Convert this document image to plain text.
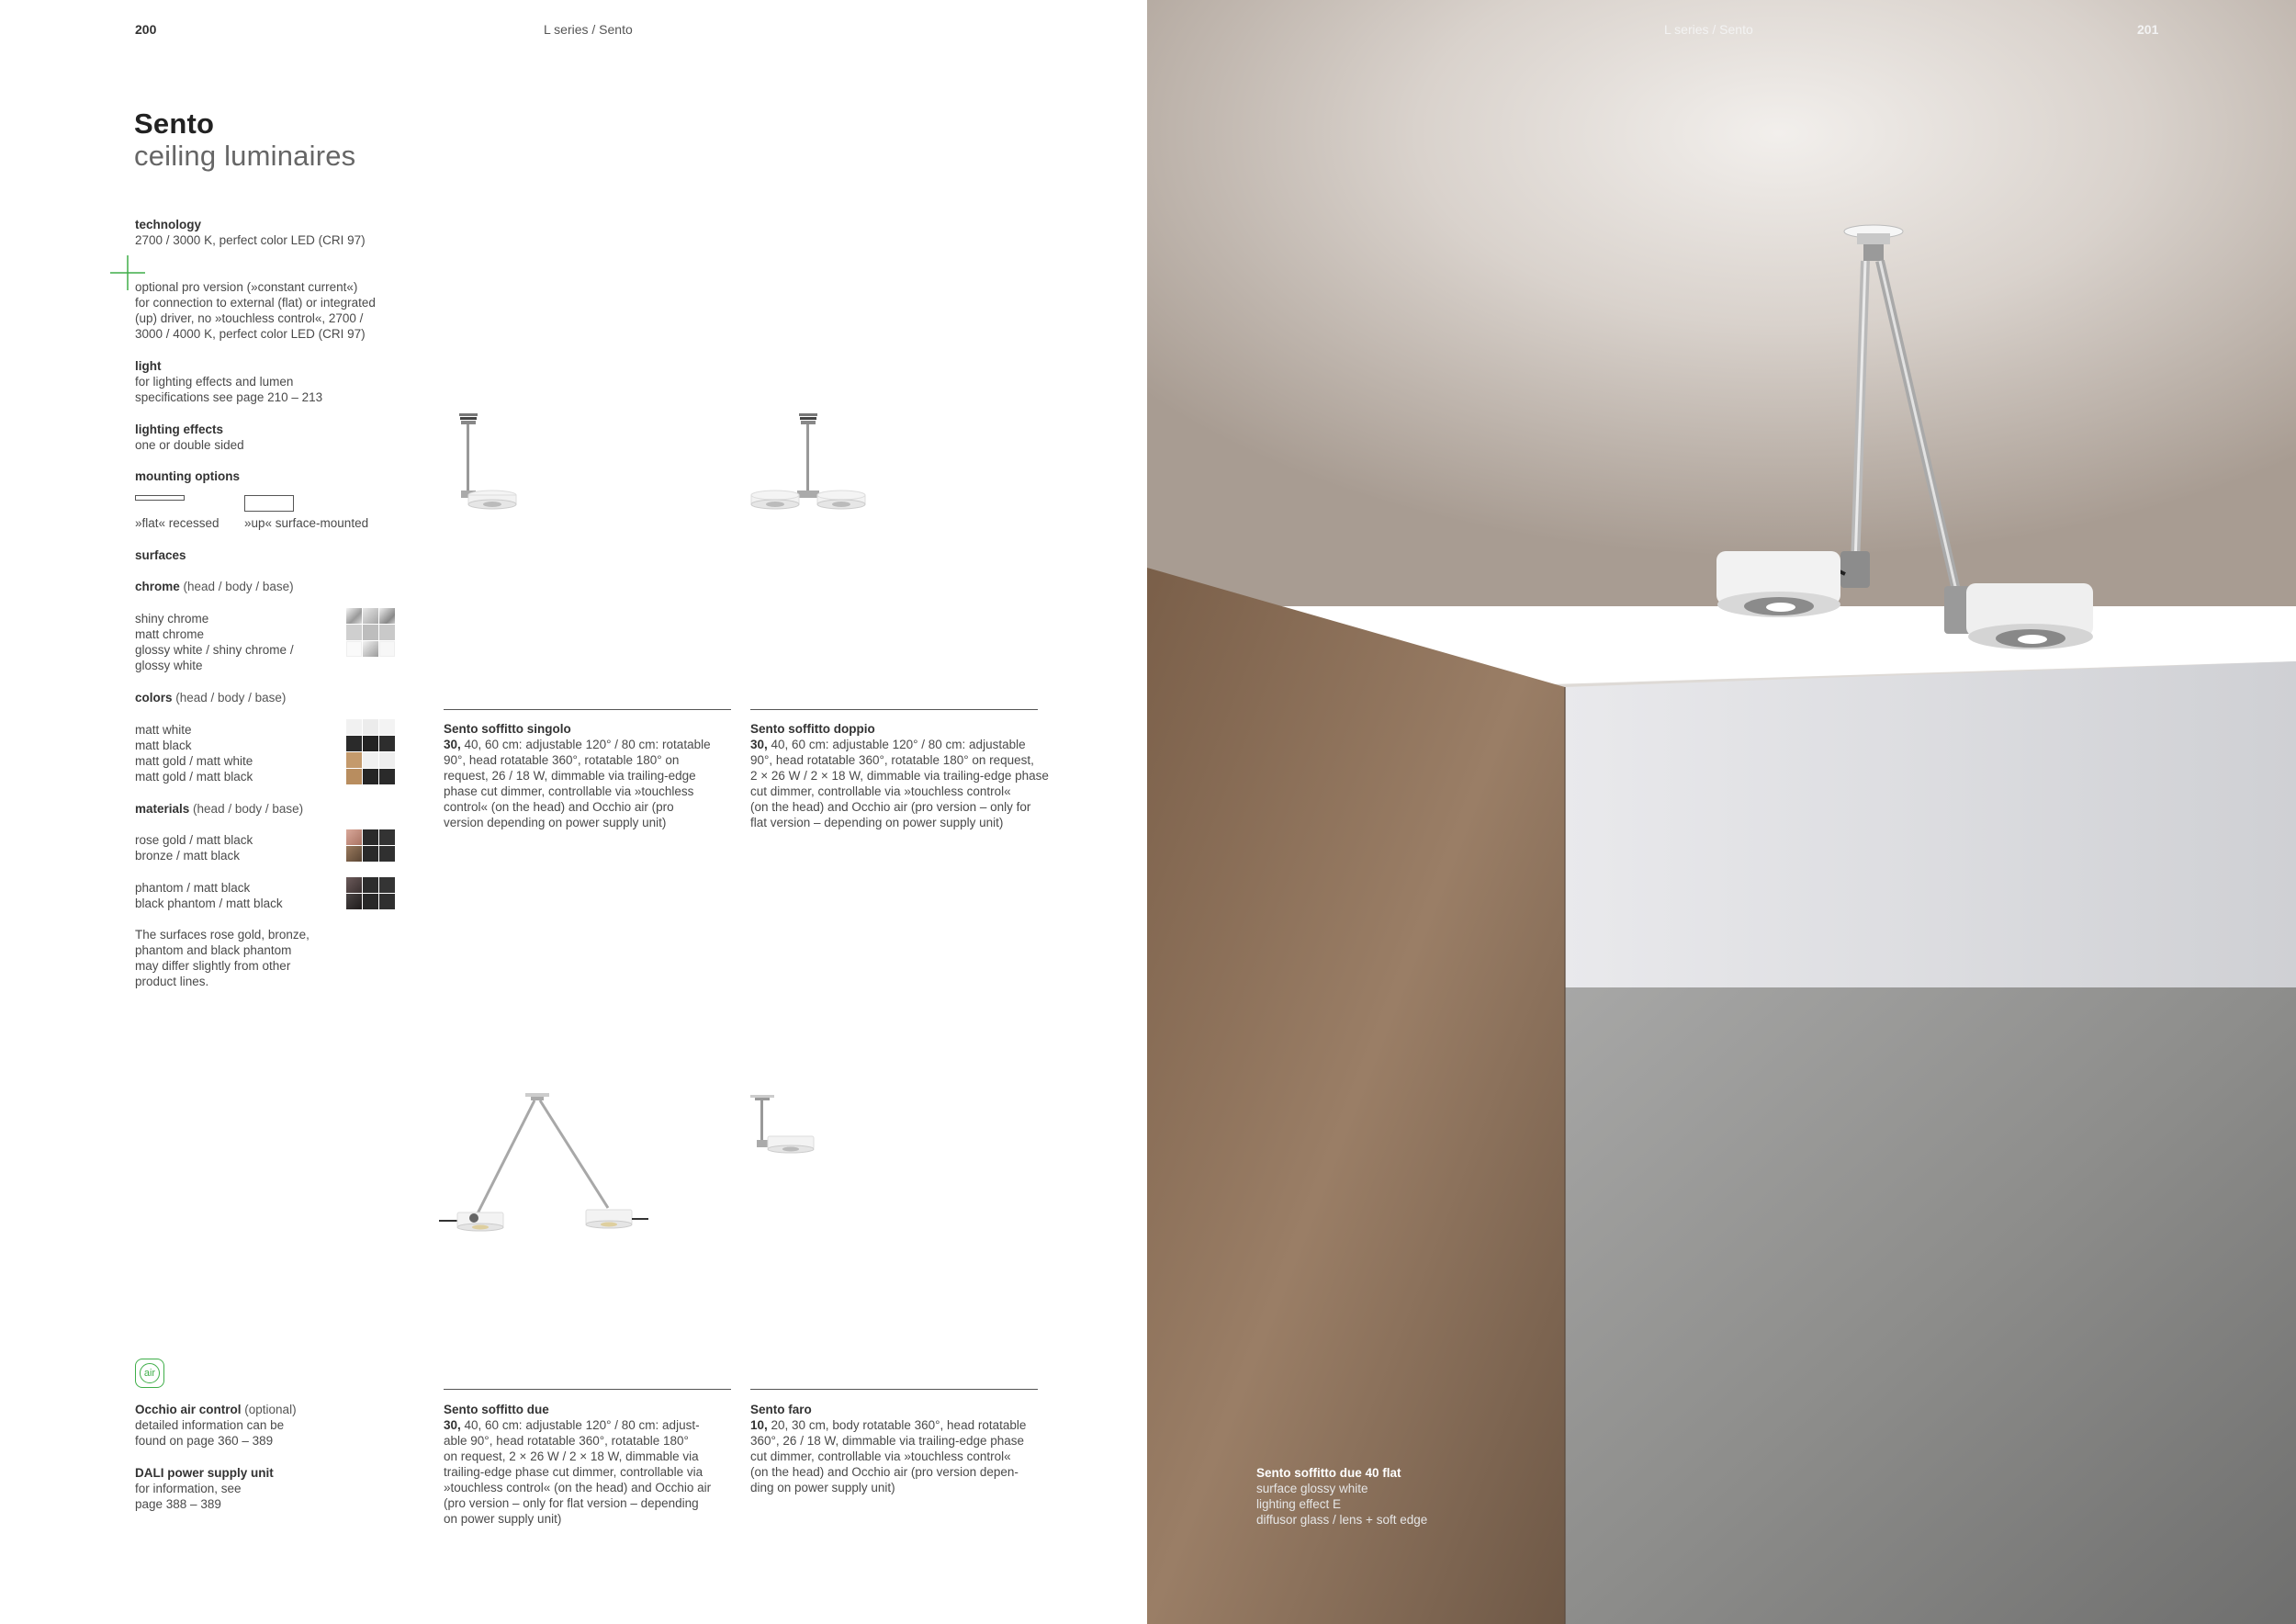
200	L series / Sento
Sento
ceiling luminaires
technology
2700 / 3000 K, perfect color LED (CRI 97)
optional pro version (»constant current«)
for connection to external (flat) or integrated
(up) driver, no »touchless control«, 2700 /
3000 / 4000 K, perfect color LED (CRI 97)
light
for lighting effects and lumen
specifications see page 210 – 213
lighting effects
one or double sided
mounting options
»flat« recessed »up« surface-mounted
surfaces
chrome (head / body / base)
shiny chrome
matt chrome
glossy white / shiny chrome /
glossy white
colors (head / body / base)
matt white
matt black
matt gold / matt white
matt gold / matt black
materials (head / body / base)
rose gold / matt black
bronze / matt black
phantom / matt black
black phantom / matt black
The surfaces rose gold, bronze,
phantom and black phantom
may differ slightly from other
product lines.
air
Occhio air control (optional)
detailed information can be
found on page 360 – 389
DALI power supply unit
for information, see
page 388 – 389
Sento soffitto singolo
30, 40, 60 cm: adjustable 120° / 80 cm: rotatable
90°, head rotatable 360°, rotatable 180° on
request, 26 / 18 W, dimmable via trailing-edge
phase cut dimmer, controllable via »touchless
control« (on the head) and Occhio air (pro
version depending on power supply unit)
Sento soffitto doppio
30, 40, 60 cm: adjustable 120° / 80 cm: adjustable
90°, head rotatable 360°, rotatable 180° on request,
2 × 26 W / 2 × 18 W, dimmable via trailing-edge phase
cut dimmer, controllable via »touchless control«
(on the head) and Occhio air (pro version – only for
flat version – depending on power supply unit)
Sento soffitto due
30, 40, 60 cm: adjustable 120° / 80 cm: adjust-
able 90°, head rotatable 360°, rotatable 180°
on request, 2 × 26 W / 2 × 18 W, dimmable via
trailing-edge phase cut dimmer, controllable via
»touchless control« (on the head) and Occhio air
(pro version – only for flat version – depending
on power supply unit)
Sento faro
10, 20, 30 cm, body rotatable 360°, head rotatable
360°, 26 / 18 W, dimmable via trailing-edge phase
cut dimmer, controllable via »touchless control«
(on the head) and Occhio air (pro version depen-
ding on power supply unit)
L series / Sento	201
Sento soffitto due 40 flat
surface glossy white
lighting effect E
diffusor glass / lens + soft edge
